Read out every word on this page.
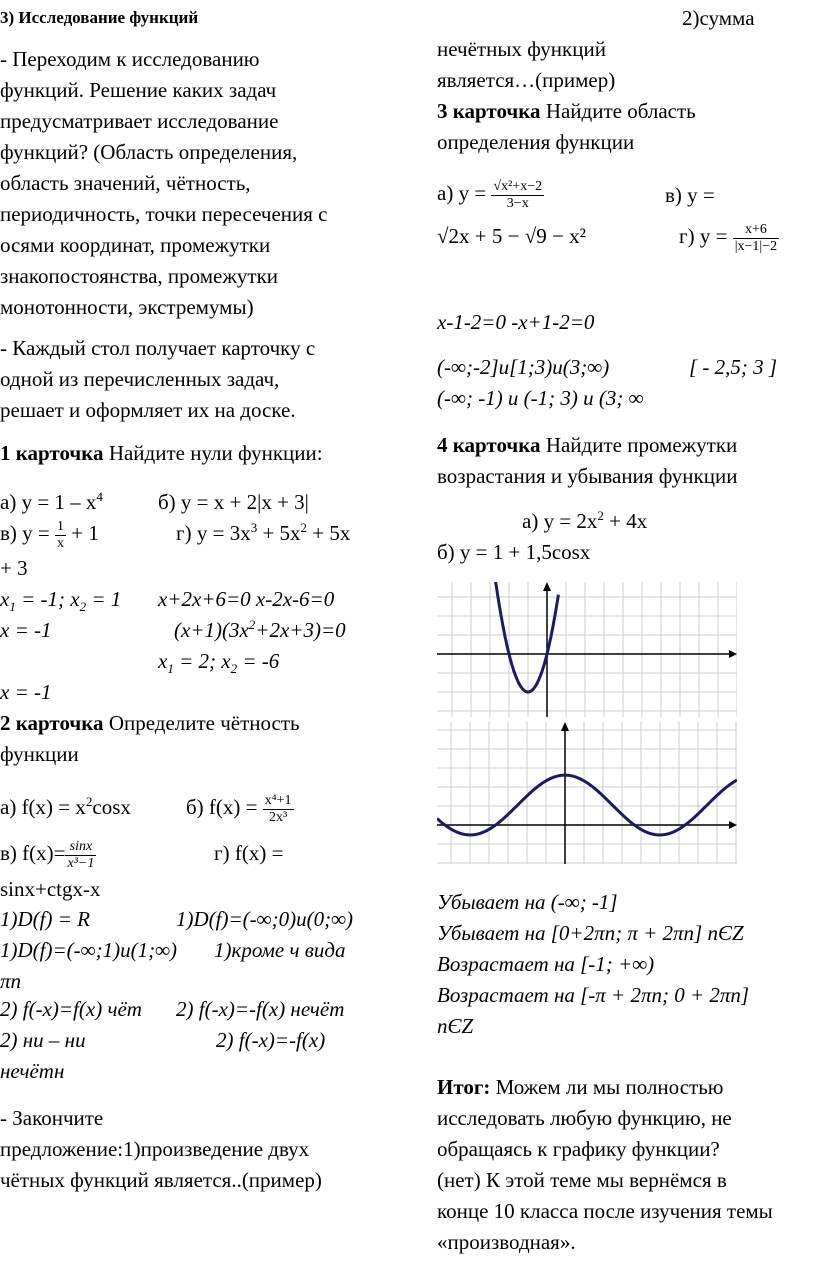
3) Исследование функций
- Переходим к исследованию
функций. Решение каких задач
предусматривает исследование
функций? (Область определения,
область значений, чётность,
периодичность, точки пересечения с
осями координат, промежутки
знакопостоянства, промежутки
монотонности, экстремумы)
- Каждый стол получает карточку с
одной из перечисленных задач,
решает и оформляет их на доске.
1 карточка Найдите нули функции:
а) $y = 1 - x^4$	б) y = x + 2|x + 3|
в) $y = \frac{1}{x} + 1$	г) $y = 3x^3 + 5x^2 + 5x$
+ 3
$x_1 = -1$; $x_2 = 1$ x+2x+6=0 x-2x-6=0
x = -1	$(x+1)(3x^2+2x+3)=0$
$x_1 = 2$; $x_2 = -6$
x = -1
2 карточка Определите чётность
функции
а) $f(x) = x^2\cos x$	б) $f(x) = \frac{\text{x⁴+1}}{\text{2x³}}$
в) $f(x)= \frac{\sin x}{\text{x³−1}}$	г) f(x) =
sinx+ctgx-x
1)D(f) = R	1)D(f)=(-∞;0)u(0;∞)
1)D(f)=(-∞;1)u(1;∞) 1)кроме ч вида
πn
2) f(-x)=f(x) чёт 2) f(-x)=-f(x) нечёт
2) ни – ни	2) f(-x)=-f(x)
нечётн
- Закончите
предложение:1)произведение двух
чётных функций является..(пример)
2)сумма
нечётных функций
является…(пример)
3 карточка Найдите область
определения функции
а) $y = \frac{\text{√x²+x−2}}{3-x}$	в) y =
√2x + 5 − √9 − x²	г) $y = \frac{x+6}{|x-1|-2}$
x-1-2=0 -x+1-2=0
(-∞;-2]u[1;3)u(3;∞)	[ - 2,5; 3 ]
(-∞; -1) u (-1; 3) u (3; ∞
4 карточка Найдите промежутки
возрастания и убывания функции
а) $y = 2x^2 + 4x$
б) y = 1 + 1,5cosx
Убывает на (-∞; -1]
Убывает на [0+2πn; π + 2πn] nЄZ
Возрастает на [-1; +∞)
Возрастает на [-π + 2πn; 0 + 2πn]
nЄZ
Итог: Можем ли мы полностью
исследовать любую функцию, не
обращаясь к графику функции?
(нет) К этой теме мы вернёмся в
конце 10 класса после изучения темы
«производная».
